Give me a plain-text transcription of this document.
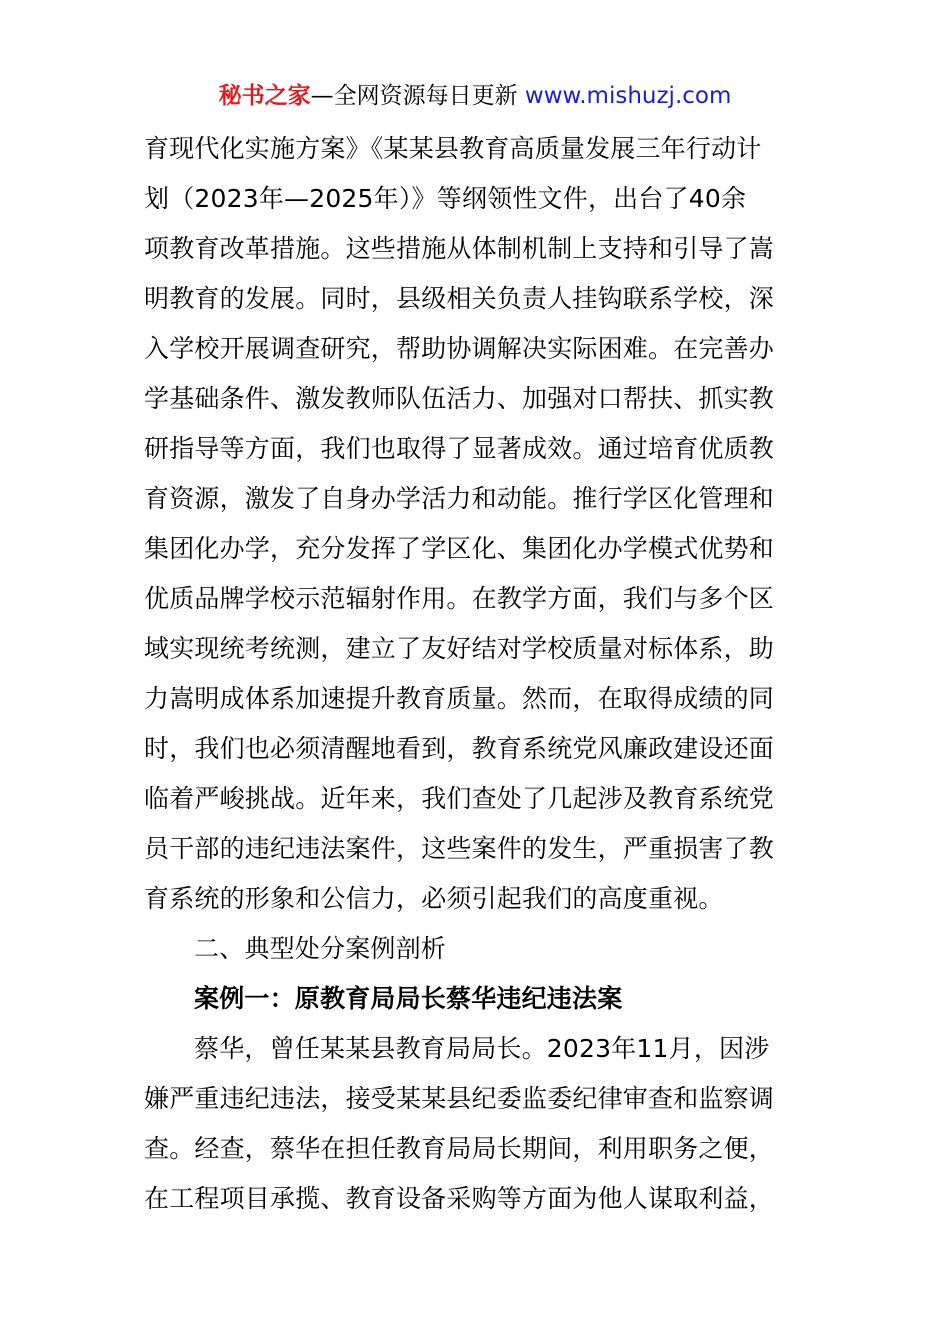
秘书之家—全网资源每日更新 www.mishuzj.com
育现代化实施方案》《某某县教育高质量发展三年行动计
划（2023年—2025年）》等纲领性文件，出台了40余
项教育改革措施。这些措施从体制机制上支持和引导了嵩
明教育的发展。同时，县级相关负责人挂钩联系学校，深
入学校开展调查研究，帮助协调解决实际困难。在完善办
学基础条件、激发教师队伍活力、加强对口帮扶、抓实教
研指导等方面，我们也取得了显著成效。通过培育优质教
育资源，激发了自身办学活力和动能。推行学区化管理和
集团化办学，充分发挥了学区化、集团化办学模式优势和
优质品牌学校示范辐射作用。在教学方面，我们与多个区
域实现统考统测，建立了友好结对学校质量对标体系，助
力嵩明成体系加速提升教育质量。然而，在取得成绩的同
时，我们也必须清醒地看到，教育系统党风廉政建设还面
临着严峻挑战。近年来，我们查处了几起涉及教育系统党
员干部的违纪违法案件，这些案件的发生，严重损害了教
育系统的形象和公信力，必须引起我们的高度重视。
二、典型处分案例剖析
案例一：原教育局局长蔡华违纪违法案
蔡华，曾任某某县教育局局长。2023年11月，因涉
嫌严重违纪违法，接受某某县纪委监委纪律审查和监察调
查。经查，蔡华在担任教育局局长期间，利用职务之便，
在工程项目承揽、教育设备采购等方面为他人谋取利益，
